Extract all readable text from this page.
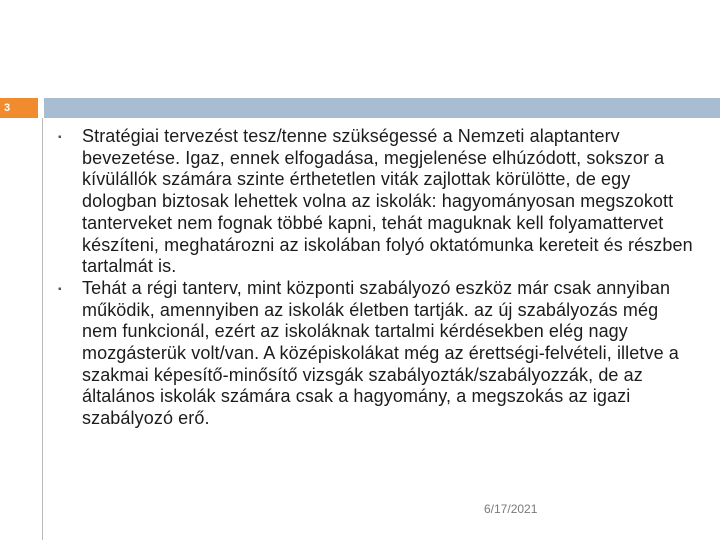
3
▪ Stratégiai tervezést tesz/tenne szükségessé a Nemzeti alaptanterv bevezetése. Igaz, ennek elfogadása, megjelenése elhúzódott, sokszor a kívülállók számára szinte érthetetlen viták zajlottak körülötte, de egy dologban biztosak lehettek volna az iskolák: hagyományosan megszokott tanterveket nem fognak többé kapni, tehát maguknak kell folyamattervet készíteni, meghatározni az iskolában folyó oktatómunka kereteit és részben tartalmát is.
▪ Tehát a régi tanterv, mint központi szabályozó eszköz már csak annyiban működik, amennyiben az iskolák életben tartják. az új szabályozás még nem funkcionál, ezért az iskoláknak tartalmi kérdésekben elég nagy mozgásterük volt/van. A középiskolákat még az érettségi-felvételi, illetve a szakmai képesítő-minősítő vizsgák szabályozták/szabályozzák, de az általános iskolák számára csak a hagyomány, a megszokás az igazi szabályozó erő.
6/17/2021
